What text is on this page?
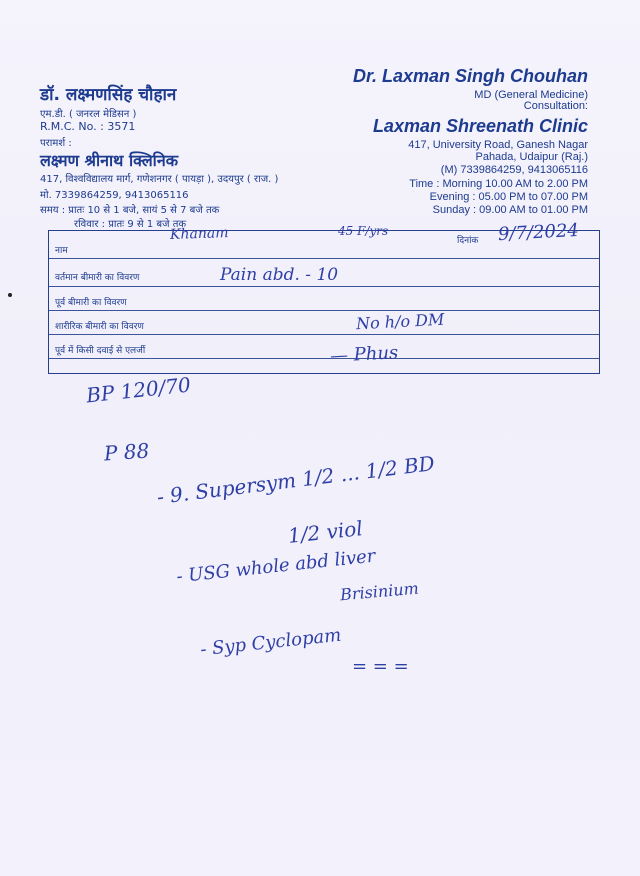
डॉ. लक्ष्मणसिंह चौहान
एम.डी. ( जनरल मेडिसन )
R.M.C. No. : 3571
परामर्श :
लक्ष्मण श्रीनाथ क्लिनिक
417, विश्वविद्यालय मार्ग, गणेशनगर ( पायड़ा ), उदयपुर ( राज. )
मो. 7339864259, 9413065116
समय : प्रातः 10 से 1 बजे, सायं 5 से 7 बजे तक
रविवार : प्रातः 9 से 1 बजे तक
Dr. Laxman Singh Chouhan
MD (General Medicine)
Consultation:
Laxman Shreenath Clinic
417, University Road, Ganesh Nagar
Pahada, Udaipur (Raj.)
(M) 7339864259, 9413065116
Time : Morning 10.00 AM to 2.00 PM
Evening : 05.00 PM to 07.00 PM
Sunday : 09.00 AM to 01.00 PM
नाम
दिनांक
वर्तमान बीमारी का विवरण
पूर्व बीमारी का विवरण
शारीरिक बीमारी का विवरण
पूर्व में किसी दवाई से एलर्जी
Khanam	45 F/yrs	9/7/2024
Pain abd. - 10
No h/o DM
— Phus
BP 120/70
P 88 - 9. Supersym 1/2 ... 1/2 BD
1/2 viol
- USG whole abd liver
Brisinium
- Syp Cyclopam
= = =
